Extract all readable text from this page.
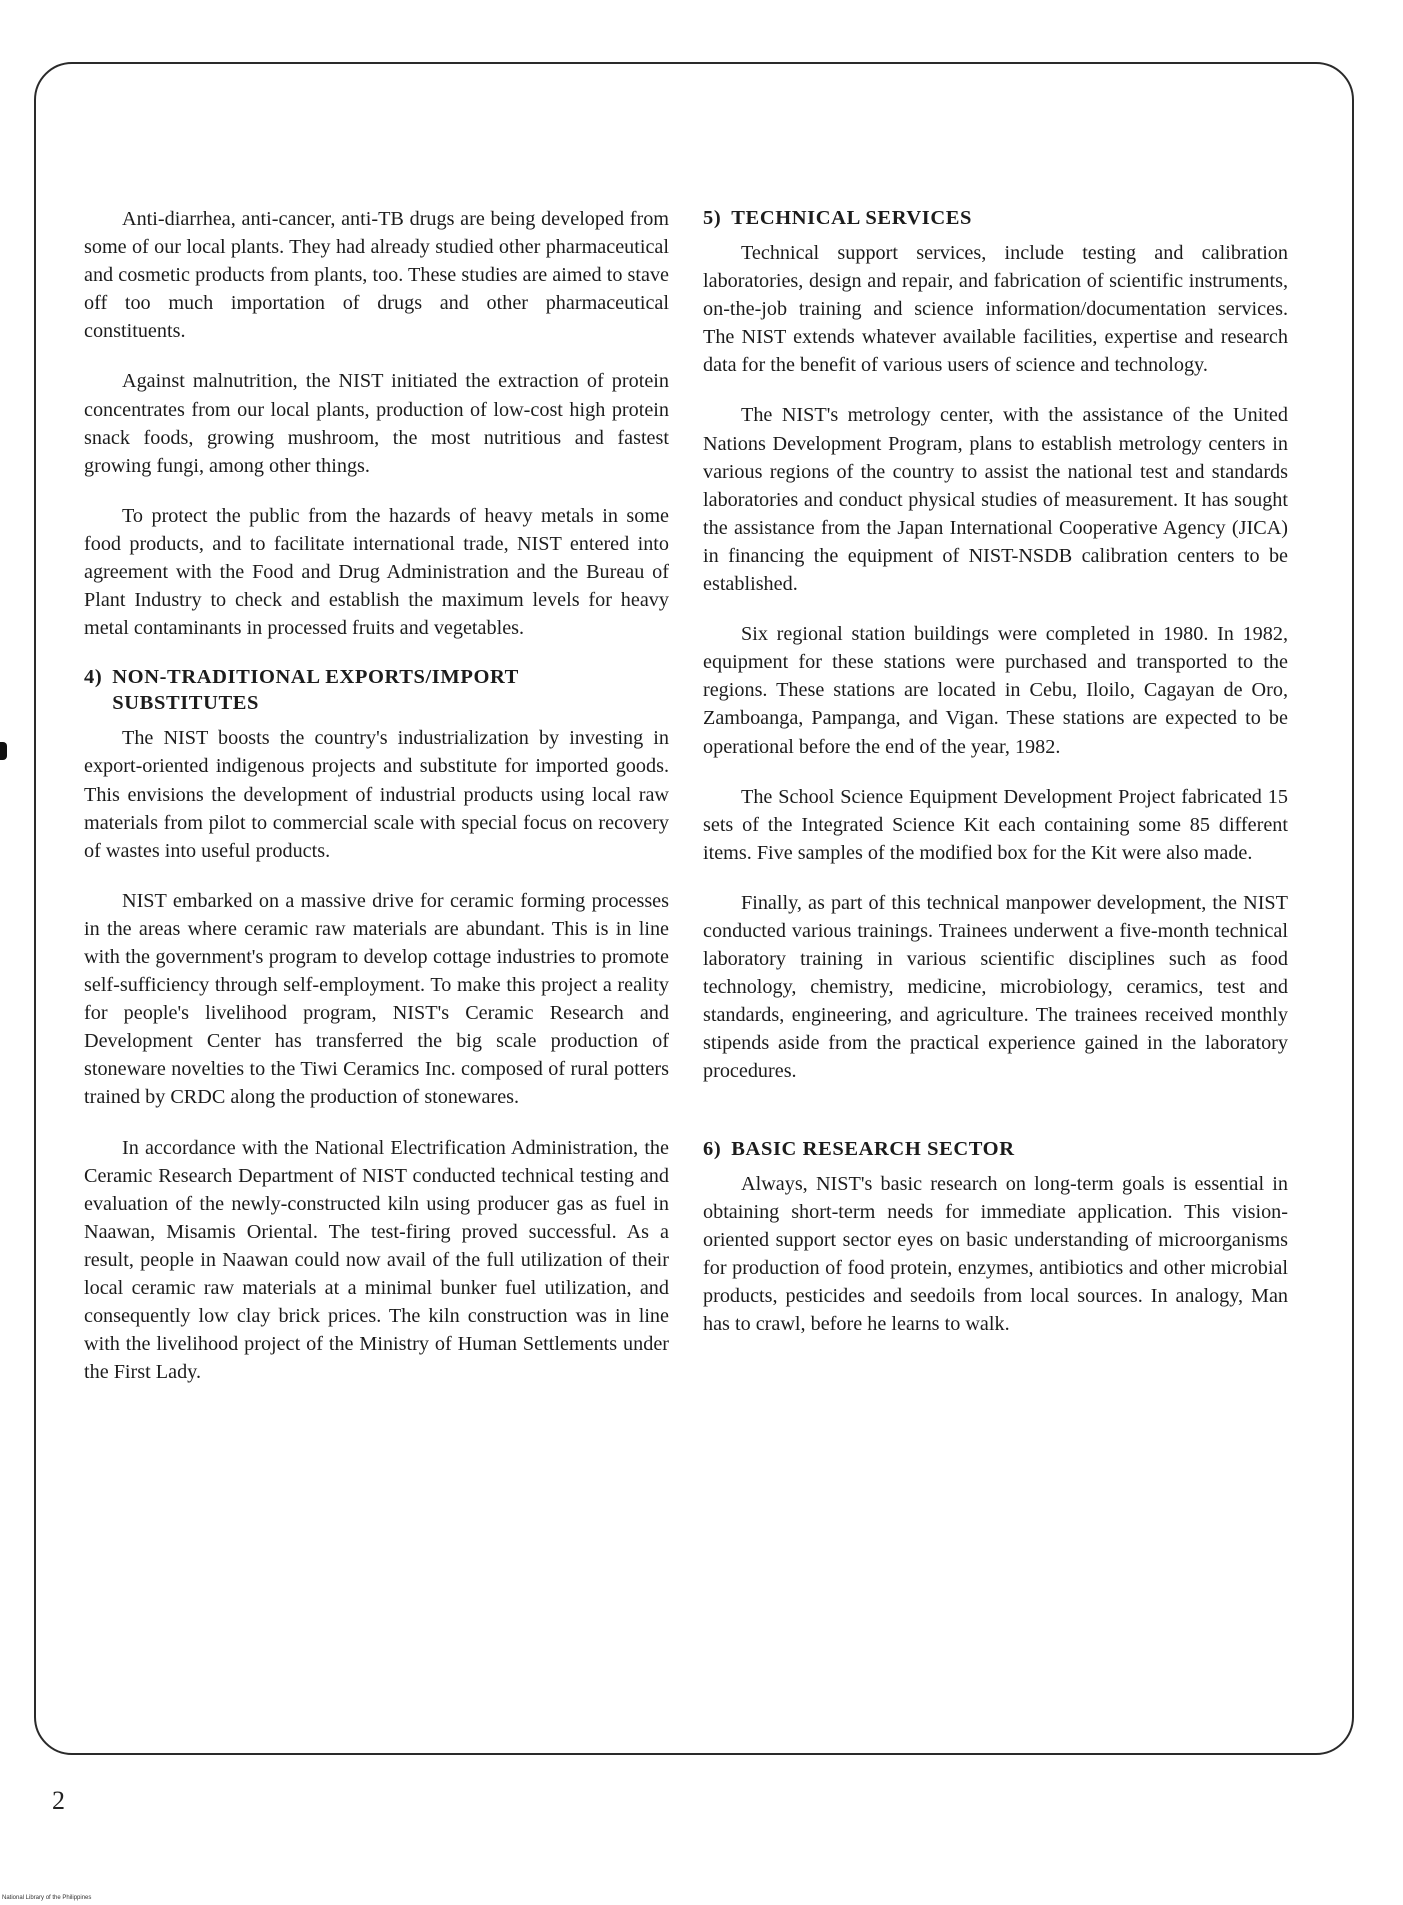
Anti-diarrhea, anti-cancer, anti-TB drugs are being developed from some of our local plants. They had already studied other pharmaceutical and cosmetic products from plants, too. These studies are aimed to stave off too much importation of drugs and other pharmaceutical constituents.

Against malnutrition, the NIST initiated the extraction of protein concentrates from our local plants, production of low-cost high protein snack foods, growing mushroom, the most nutritious and fastest growing fungi, among other things.

To protect the public from the hazards of heavy metals in some food products, and to facilitate international trade, NIST entered into agreement with the Food and Drug Administration and the Bureau of Plant Industry to check and establish the maximum levels for heavy metal contaminants in processed fruits and vegetables.

4) NON-TRADITIONAL EXPORTS/IMPORT SUBSTITUTES

The NIST boosts the country's industrialization by investing in export-oriented indigenous projects and substitute for imported goods. This envisions the development of industrial products using local raw materials from pilot to commercial scale with special focus on recovery of wastes into useful products.

NIST embarked on a massive drive for ceramic forming processes in the areas where ceramic raw materials are abundant. This is in line with the government's program to develop cottage industries to promote self-sufficiency through self-employment. To make this project a reality for people's livelihood program, NIST's Ceramic Research and Development Center has transferred the big scale production of stoneware novelties to the Tiwi Ceramics Inc. composed of rural potters trained by CRDC along the production of stonewares.

In accordance with the National Electrification Administration, the Ceramic Research Department of NIST conducted technical testing and evaluation of the newly-constructed kiln using producer gas as fuel in Naawan, Misamis Oriental. The test-firing proved successful. As a result, people in Naawan could now avail of the full utilization of their local ceramic raw materials at a minimal bunker fuel utilization, and consequently low clay brick prices. The kiln construction was in line with the livelihood project of the Ministry of Human Settlements under the First Lady.

5) TECHNICAL SERVICES

Technical support services, include testing and calibration laboratories, design and repair, and fabrication of scientific instruments, on-the-job training and science information/documentation services. The NIST extends whatever available facilities, expertise and research data for the benefit of various users of science and technology.

The NIST's metrology center, with the assistance of the United Nations Development Program, plans to establish metrology centers in various regions of the country to assist the national test and standards laboratories and conduct physical studies of measurement. It has sought the assistance from the Japan International Cooperative Agency (JICA) in financing the equipment of NIST-NSDB calibration centers to be established.

Six regional station buildings were completed in 1980. In 1982, equipment for these stations were purchased and transported to the regions. These stations are located in Cebu, Iloilo, Cagayan de Oro, Zamboanga, Pampanga, and Vigan. These stations are expected to be operational before the end of the year, 1982.

The School Science Equipment Development Project fabricated 15 sets of the Integrated Science Kit each containing some 85 different items. Five samples of the modified box for the Kit were also made.

Finally, as part of this technical manpower development, the NIST conducted various trainings. Trainees underwent a five-month technical laboratory training in various scientific disciplines such as food technology, chemistry, medicine, microbiology, ceramics, test and standards, engineering, and agriculture. The trainees received monthly stipends aside from the practical experience gained in the laboratory procedures.

6) BASIC RESEARCH SECTOR

Always, NIST's basic research on long-term goals is essential in obtaining short-term needs for immediate application. This vision-oriented support sector eyes on basic understanding of microorganisms for production of food protein, enzymes, antibiotics and other microbial products, pesticides and seedoils from local sources. In analogy, Man has to crawl, before he learns to walk.

2
National Library of the Philippines
